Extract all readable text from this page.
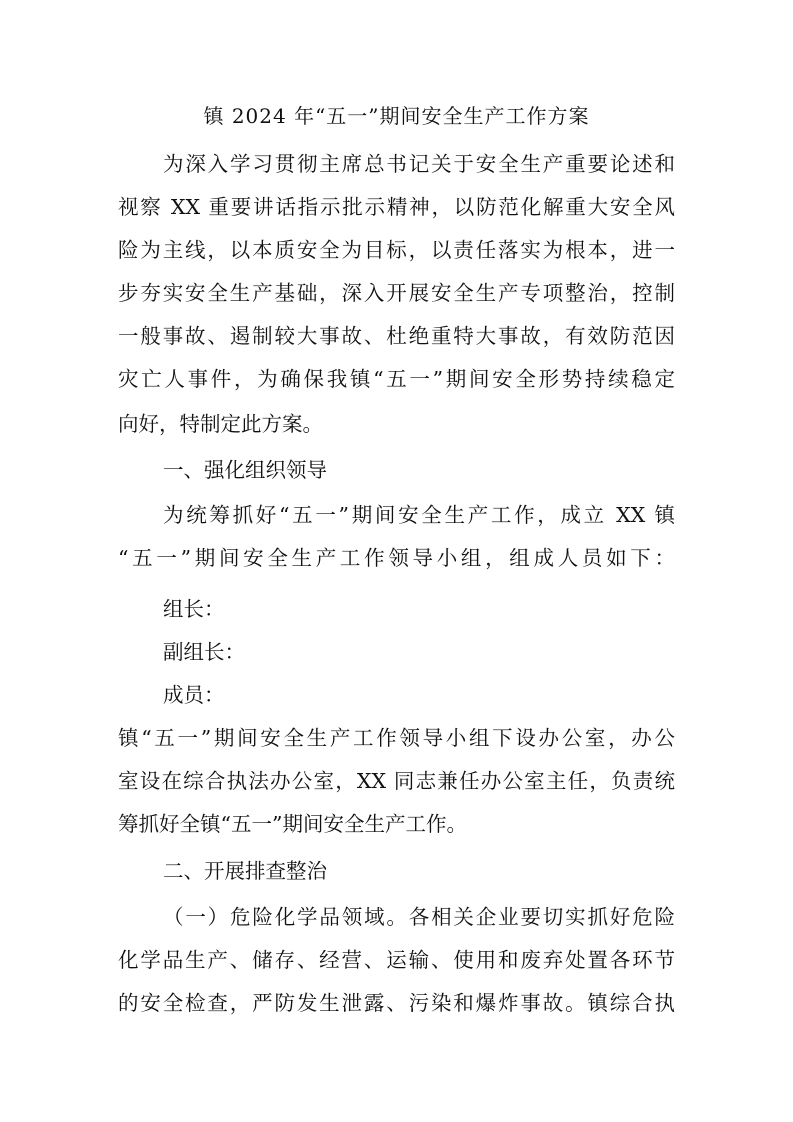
镇 2024 年“五一”期间安全生产工作方案
为深入学习贯彻主席总书记关于安全生产重要论述和
视察 XX 重要讲话指示批示精神，以防范化解重大安全风
险为主线，以本质安全为目标，以责任落实为根本，进一
步夯实安全生产基础，深入开展安全生产专项整治，控制
一般事故、遏制较大事故、杜绝重特大事故，有效防范因
灾亡人事件，为确保我镇“五一”期间安全形势持续稳定
向好，特制定此方案。
一、强化组织领导
为统筹抓好“五一”期间安全生产工作，成立 XX 镇
“五一”期间安全生产工作领导小组，组成人员如下：
组长：
副组长：
成员：
镇“五一”期间安全生产工作领导小组下设办公室，办公
室设在综合执法办公室，XX 同志兼任办公室主任，负责统
筹抓好全镇“五一”期间安全生产工作。
二、开展排查整治
（一）危险化学品领域。各相关企业要切实抓好危险
化学品生产、储存、经营、运输、使用和废弃处置各环节
的安全检查，严防发生泄露、污染和爆炸事故。镇综合执
